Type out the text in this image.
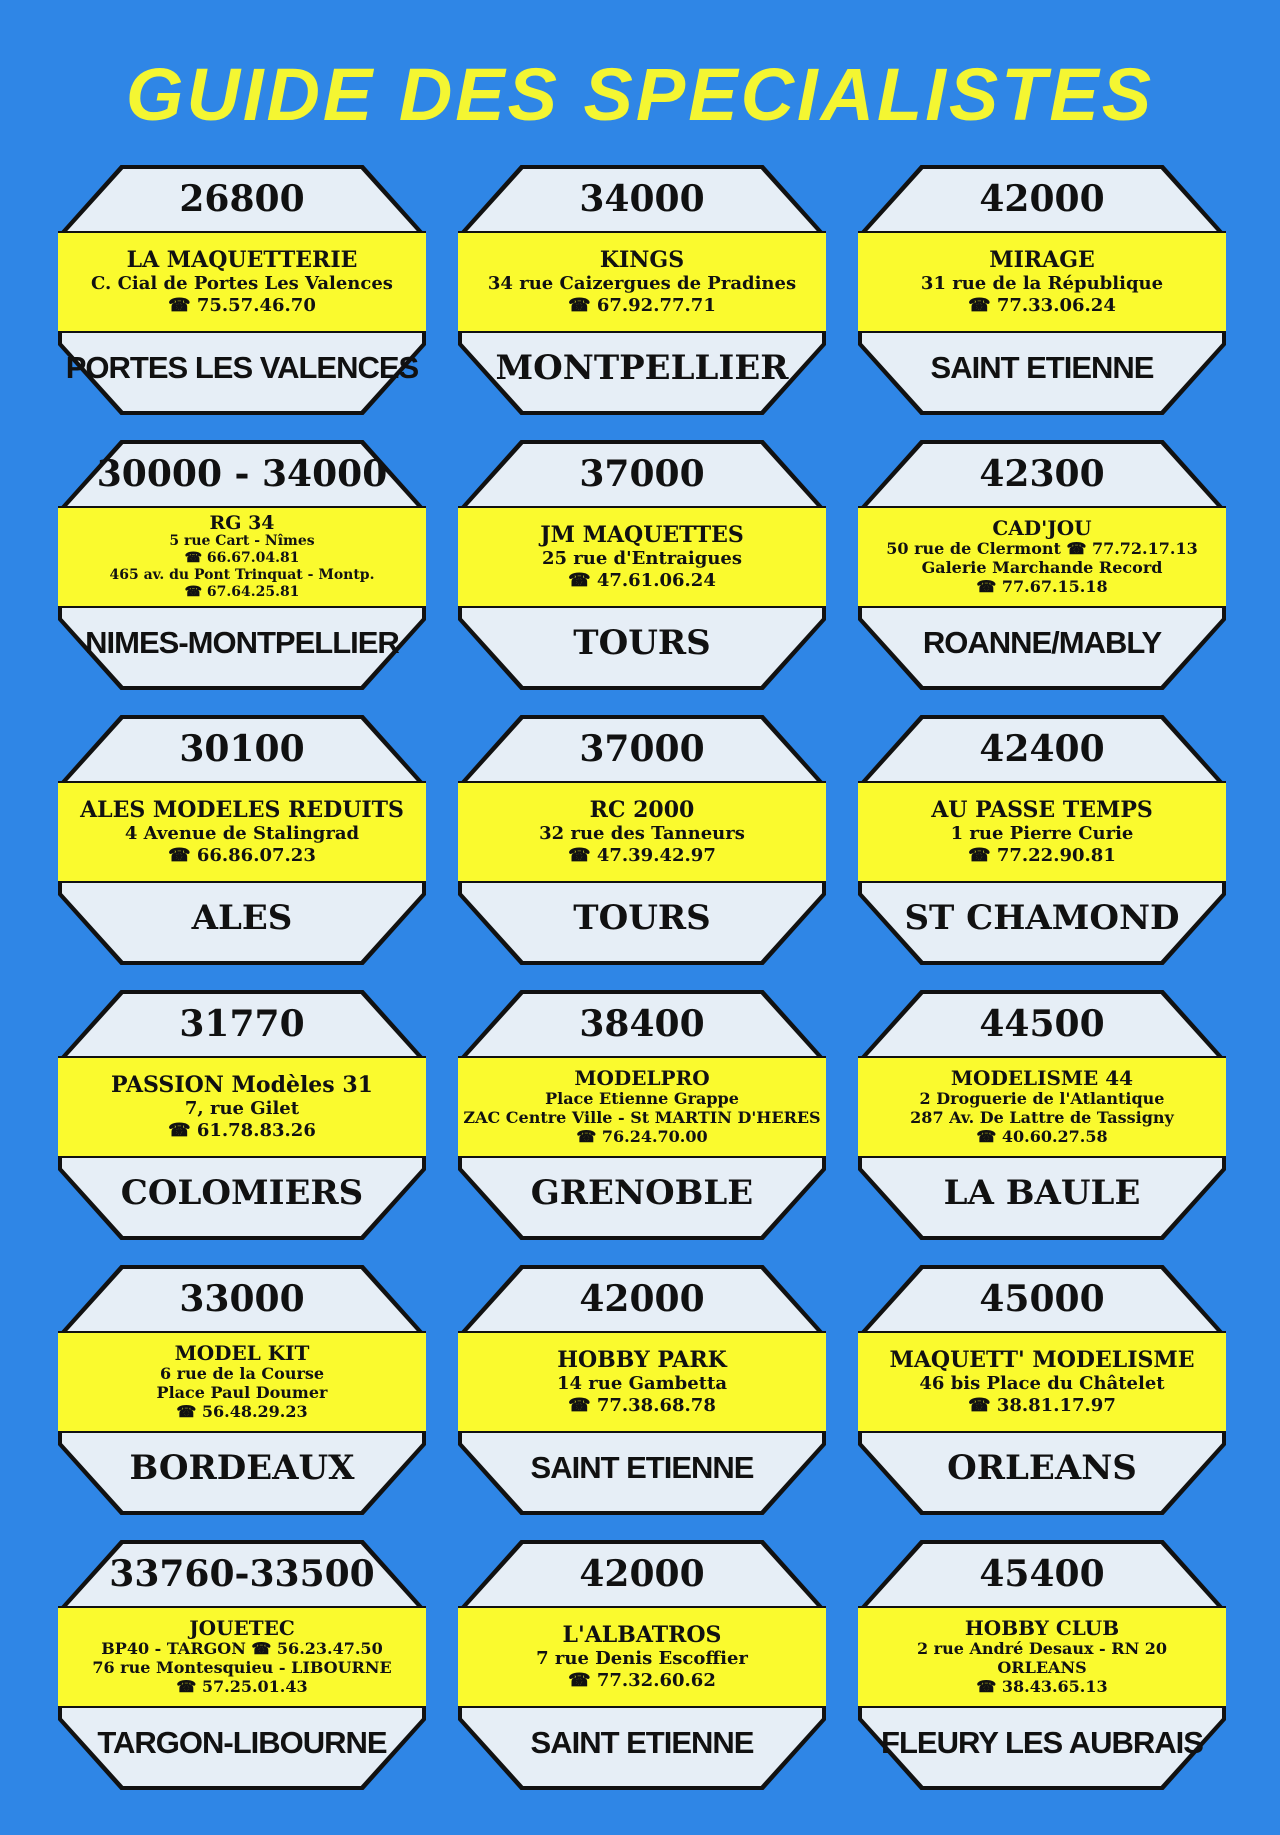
GUIDE DES SPECIALISTES
26800
LA MAQUETTERIE
C. Cial de Portes Les Valences
☎ 75.57.46.70
PORTES LES VALENCES
34000
KINGS
34 rue Caizergues de Pradines
☎ 67.92.77.71
MONTPELLIER
42000
MIRAGE
31 rue de la République
☎ 77.33.06.24
SAINT ETIENNE
30000 - 34000
RG 34
5 rue Cart - Nîmes
☎ 66.67.04.81
465 av. du Pont Trinquat - Montp.
☎ 67.64.25.81
NIMES-MONTPELLIER
37000
JM MAQUETTES
25 rue d'Entraigues
☎ 47.61.06.24
TOURS
42300
CAD'JOU
50 rue de Clermont ☎ 77.72.17.13
Galerie Marchande Record
☎ 77.67.15.18
ROANNE/MABLY
30100
ALES MODELES REDUITS
4 Avenue de Stalingrad
☎ 66.86.07.23
ALES
37000
RC 2000
32 rue des Tanneurs
☎ 47.39.42.97
TOURS
42400
AU PASSE TEMPS
1 rue Pierre Curie
☎ 77.22.90.81
ST CHAMOND
31770
PASSION Modèles 31
7, rue Gilet
☎ 61.78.83.26
COLOMIERS
38400
MODELPRO
Place Etienne Grappe
ZAC Centre Ville - St MARTIN D'HERES
☎ 76.24.70.00
GRENOBLE
44500
MODELISME 44
2 Droguerie de l'Atlantique
287 Av. De Lattre de Tassigny
☎ 40.60.27.58
LA BAULE
33000
MODEL KIT
6 rue de la Course
Place Paul Doumer
☎ 56.48.29.23
BORDEAUX
42000
HOBBY PARK
14 rue Gambetta
☎ 77.38.68.78
SAINT ETIENNE
45000
MAQUETT' MODELISME
46 bis Place du Châtelet
☎ 38.81.17.97
ORLEANS
33760-33500
JOUETEC
BP40 - TARGON ☎ 56.23.47.50
76 rue Montesquieu - LIBOURNE
☎ 57.25.01.43
TARGON-LIBOURNE
42000
L'ALBATROS
7 rue Denis Escoffier
☎ 77.32.60.62
SAINT ETIENNE
45400
HOBBY CLUB
2 rue André Desaux - RN 20
ORLEANS
☎ 38.43.65.13
FLEURY LES AUBRAIS
